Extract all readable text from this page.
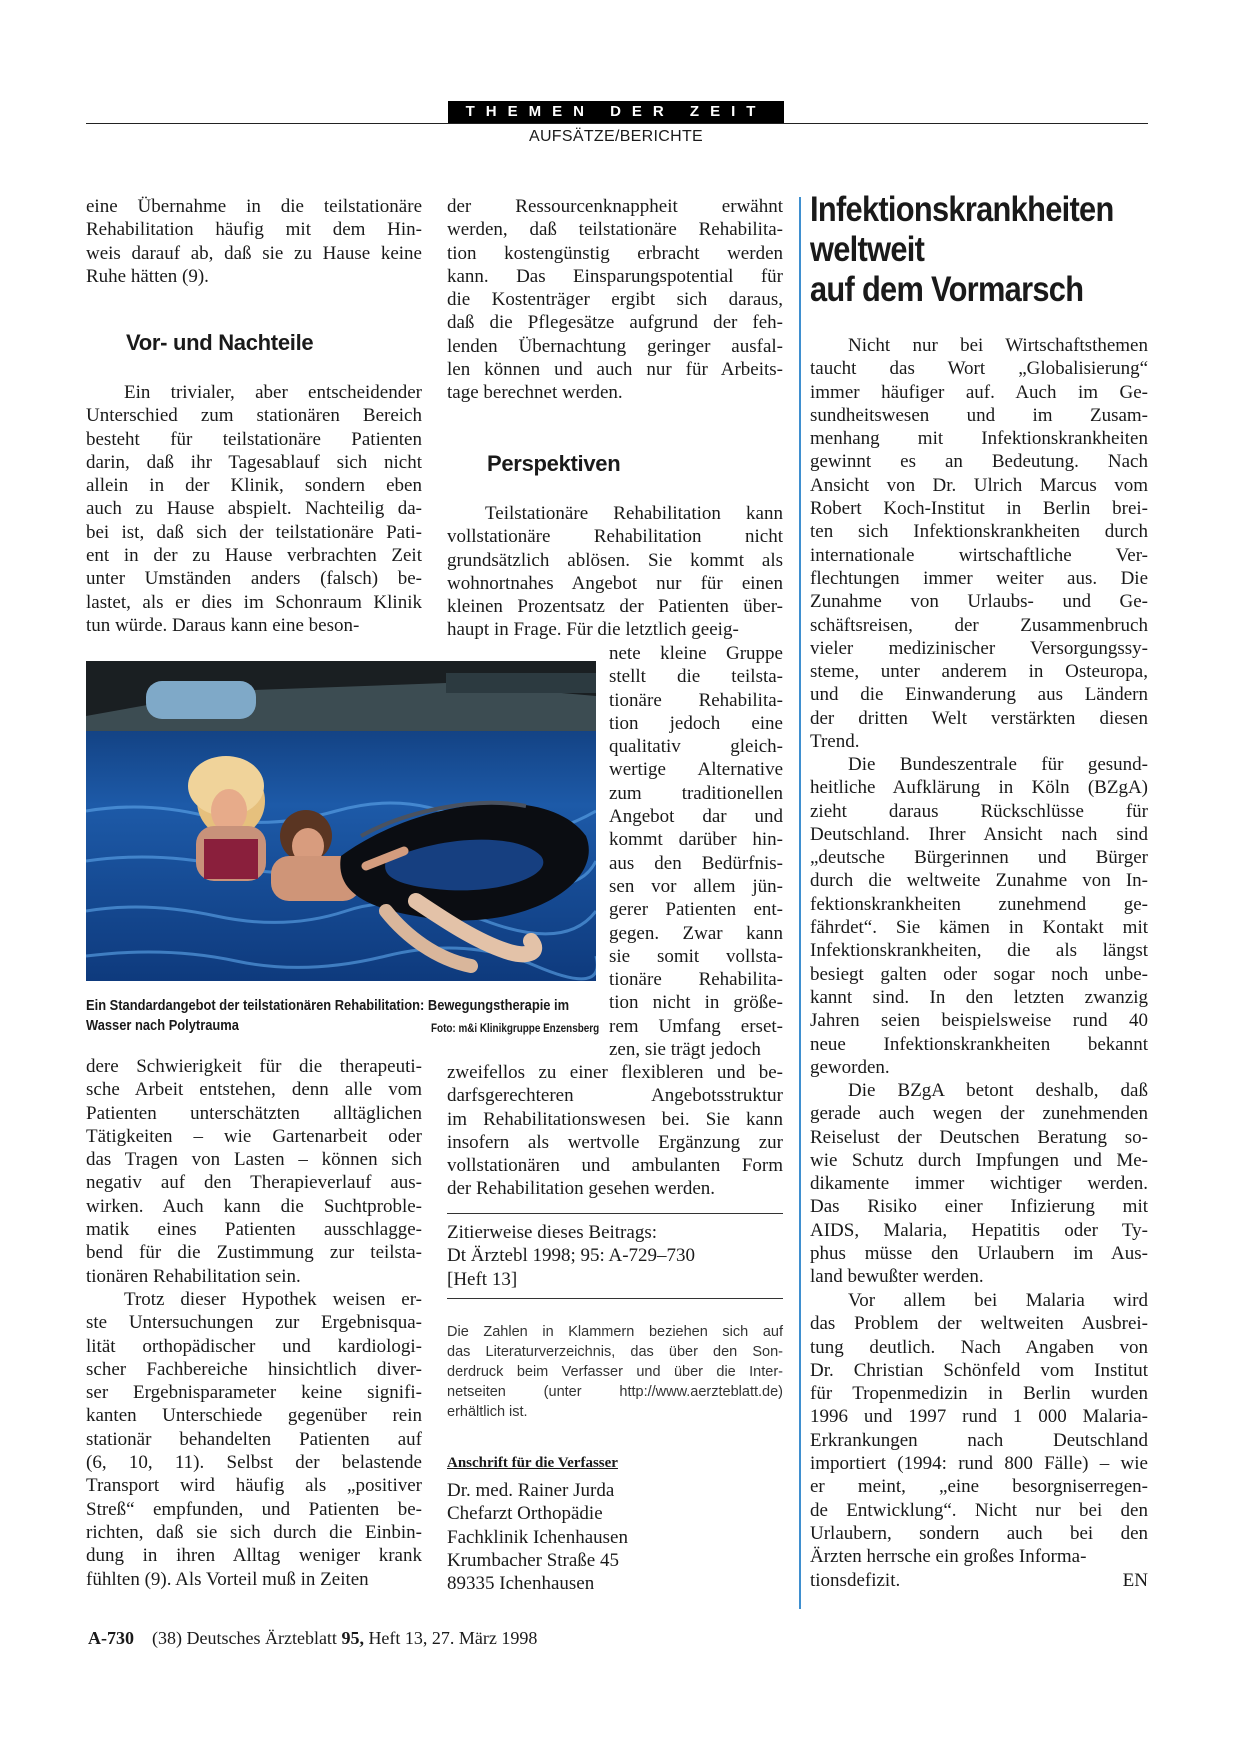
THEMEN DER ZEIT
AUFSÄTZE/BERICHTE
eine Übernahme in die teilstationäre
Rehabilitation häufig mit dem Hin-
weis darauf ab, daß sie zu Hause keine
Ruhe hätten (9).
Vor- und Nachteile
Ein trivialer, aber entscheidender
Unterschied zum stationären Bereich
besteht für teilstationäre Patienten
darin, daß ihr Tagesablauf sich nicht
allein in der Klinik, sondern eben
auch zu Hause abspielt. Nachteilig da-
bei ist, daß sich der teilstationäre Pati-
ent in der zu Hause verbrachten Zeit
unter Umständen anders (falsch) be-
lastet, als er dies im Schonraum Klinik
tun würde. Daraus kann eine beson-
Ein Standardangebot der teilstationären Rehabilitation: Bewegungstherapie im
Wasser nach Polytrauma	Foto: m&i Klinikgruppe Enzensberg
dere Schwierigkeit für die therapeuti-
sche Arbeit entstehen, denn alle vom
Patienten unterschätzten alltäglichen
Tätigkeiten – wie Gartenarbeit oder
das Tragen von Lasten – können sich
negativ auf den Therapieverlauf aus-
wirken. Auch kann die Suchtproble-
matik eines Patienten ausschlagge-
bend für die Zustimmung zur teilsta-
tionären Rehabilitation sein.
Trotz dieser Hypothek weisen er-
ste Untersuchungen zur Ergebnisqua-
lität orthopädischer und kardiologi-
scher Fachbereiche hinsichtlich diver-
ser Ergebnisparameter keine signifi-
kanten Unterschiede gegenüber rein
stationär behandelten Patienten auf
(6, 10, 11). Selbst der belastende
Transport wird häufig als „positiver
Streß“ empfunden, und Patienten be-
richten, daß sie sich durch die Einbin-
dung in ihren Alltag weniger krank
fühlten (9). Als Vorteil muß in Zeiten
der Ressourcenknappheit erwähnt
werden, daß teilstationäre Rehabilita-
tion kostengünstig erbracht werden
kann. Das Einsparungspotential für
die Kostenträger ergibt sich daraus,
daß die Pflegesätze aufgrund der feh-
lenden Übernachtung geringer ausfal-
len können und auch nur für Arbeits-
tage berechnet werden.
Perspektiven
Teilstationäre Rehabilitation kann
vollstationäre Rehabilitation nicht
grundsätzlich ablösen. Sie kommt als
wohnortnahes Angebot nur für einen
kleinen Prozentsatz der Patienten über-
haupt in Frage. Für die letztlich geeig-
nete kleine Gruppe
stellt die teilsta-
tionäre Rehabilita-
tion jedoch eine
qualitativ gleich-
wertige Alternative
zum traditionellen
Angebot dar und
kommt darüber hin-
aus den Bedürfnis-
sen vor allem jün-
gerer Patienten ent-
gegen. Zwar kann
sie somit vollsta-
tionäre Rehabilita-
tion nicht in größe-
rem Umfang erset-
zen, sie trägt jedoch
zweifellos zu einer flexibleren und be-
darfsgerechteren Angebotsstruktur
im Rehabilitationswesen bei. Sie kann
insofern als wertvolle Ergänzung zur
vollstationären und ambulanten Form
der Rehabilitation gesehen werden.
Zitierweise dieses Beitrags:
Dt Ärztebl 1998; 95: A-729–730
[Heft 13]
Die Zahlen in Klammern beziehen sich auf
das Literaturverzeichnis, das über den Son-
derdruck beim Verfasser und über die Inter-
netseiten (unter http://www.aerzteblatt.de)
erhältlich ist.
Anschrift für die Verfasser
Dr. med. Rainer Jurda
Chefarzt Orthopädie
Fachklinik Ichenhausen
Krumbacher Straße 45
89335 Ichenhausen
Infektionskrankheiten
weltweit
auf dem Vormarsch
Nicht nur bei Wirtschaftsthemen
taucht das Wort „Globalisierung“
immer häufiger auf. Auch im Ge-
sundheitswesen und im Zusam-
menhang mit Infektionskrankheiten
gewinnt es an Bedeutung. Nach
Ansicht von Dr. Ulrich Marcus vom
Robert Koch-Institut in Berlin brei-
ten sich Infektionskrankheiten durch
internationale wirtschaftliche Ver-
flechtungen immer weiter aus. Die
Zunahme von Urlaubs- und Ge-
schäftsreisen, der Zusammenbruch
vieler medizinischer Versorgungssy-
steme, unter anderem in Osteuropa,
und die Einwanderung aus Ländern
der dritten Welt verstärkten diesen
Trend.
Die Bundeszentrale für gesund-
heitliche Aufklärung in Köln (BZgA)
zieht daraus Rückschlüsse für
Deutschland. Ihrer Ansicht nach sind
„deutsche Bürgerinnen und Bürger
durch die weltweite Zunahme von In-
fektionskrankheiten zunehmend ge-
fährdet“. Sie kämen in Kontakt mit
Infektionskrankheiten, die als längst
besiegt galten oder sogar noch unbe-
kannt sind. In den letzten zwanzig
Jahren seien beispielsweise rund 40
neue Infektionskrankheiten bekannt
geworden.
Die BZgA betont deshalb, daß
gerade auch wegen der zunehmenden
Reiselust der Deutschen Beratung so-
wie Schutz durch Impfungen und Me-
dikamente immer wichtiger werden.
Das Risiko einer Infizierung mit
AIDS, Malaria, Hepatitis oder Ty-
phus müsse den Urlaubern im Aus-
land bewußter werden.
Vor allem bei Malaria wird
das Problem der weltweiten Ausbrei-
tung deutlich. Nach Angaben von
Dr. Christian Schönfeld vom Institut
für Tropenmedizin in Berlin wurden
1996 und 1997 rund 1 000 Malaria-
Erkrankungen nach Deutschland
importiert (1994: rund 800 Fälle) – wie
er meint, „eine besorgniserregen-
de Entwicklung“. Nicht nur bei den
Urlaubern, sondern auch bei den
Ärzten herrsche ein großes Informa-
tionsdefizit.	EN
A-730 (38) Deutsches Ärzteblatt 95, Heft 13, 27. März 1998
